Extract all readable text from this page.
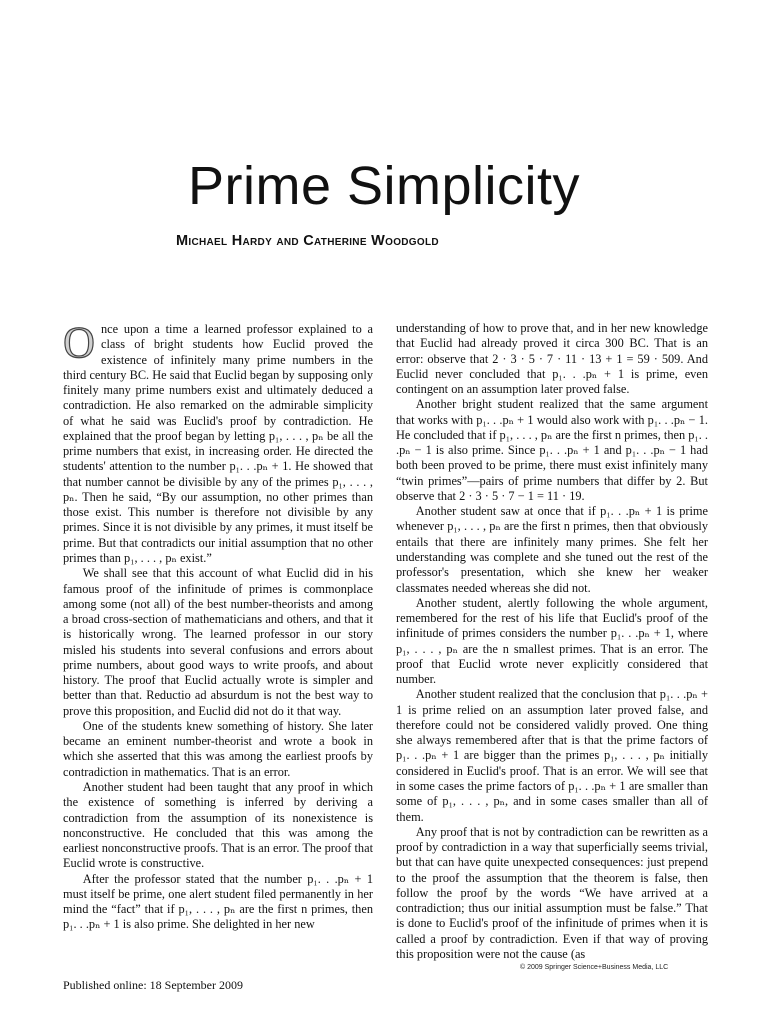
Prime Simplicity
Michael Hardy and Catherine Woodgold

O nce upon a time a learned professor explained to a class of bright students how Euclid proved the existence of infinitely many prime numbers in the third century BC. He said that Euclid began by supposing only finitely many prime numbers exist and ultimately deduced a contradiction. He also remarked on the admirable simplicity of what he said was Euclid's proof by contradiction. He explained that the proof began by letting p₁, . . . , pₙ be all the prime numbers that exist, in increasing order. He directed the students' attention to the number p₁. . .pₙ + 1. He showed that that number cannot be divisible by any of the primes p₁, . . . , pₙ. Then he said, “By our assumption, no other primes than those exist. This number is therefore not divisible by any primes. Since it is not divisible by any primes, it must itself be prime. But that contradicts our initial assumption that no other primes than p₁, . . . , pₙ exist.”

We shall see that this account of what Euclid did in his famous proof of the infinitude of primes is commonplace among some (not all) of the best number-theorists and among a broad cross-section of mathematicians and others, and that it is historically wrong. The learned professor in our story misled his students into several confusions and errors about prime numbers, about good ways to write proofs, and about history. The proof that Euclid actually wrote is simpler and better than that. Reductio ad absurdum is not the best way to prove this proposition, and Euclid did not do it that way.

One of the students knew something of history. She later became an eminent number-theorist and wrote a book in which she asserted that this was among the earliest proofs by contradiction in mathematics. That is an error.

Another student had been taught that any proof in which the existence of something is inferred by deriving a contradiction from the assumption of its nonexistence is nonconstructive. He concluded that this was among the earliest nonconstructive proofs. That is an error. The proof that Euclid wrote is constructive.

After the professor stated that the number p₁. . .pₙ + 1 must itself be prime, one alert student filed permanently in her mind the “fact” that if p₁, . . . , pₙ are the first n primes, then p₁. . .pₙ + 1 is also prime. She delighted in her new

understanding of how to prove that, and in her new knowledge that Euclid had already proved it circa 300 BC. That is an error: observe that 2 · 3 · 5 · 7 · 11 · 13 + 1 = 59 · 509. And Euclid never concluded that p₁. . .pₙ + 1 is prime, even contingent on an assumption later proved false.

Another bright student realized that the same argument that works with p₁. . .pₙ + 1 would also work with p₁. . .pₙ − 1. He concluded that if p₁, . . . , pₙ are the first n primes, then p₁. . .pₙ − 1 is also prime. Since p₁. . .pₙ + 1 and p₁. . .pₙ − 1 had both been proved to be prime, there must exist infinitely many “twin primes”—pairs of prime numbers that differ by 2. But observe that 2 · 3 · 5 · 7 − 1 = 11 · 19.

Another student saw at once that if p₁. . .pₙ + 1 is prime whenever p₁, . . . , pₙ are the first n primes, then that obviously entails that there are infinitely many primes. She felt her understanding was complete and she tuned out the rest of the professor's presentation, which she knew her weaker classmates needed whereas she did not.

Another student, alertly following the whole argument, remembered for the rest of his life that Euclid's proof of the infinitude of primes considers the number p₁. . .pₙ + 1, where p₁, . . . , pₙ are the n smallest primes. That is an error. The proof that Euclid wrote never explicitly considered that number.

Another student realized that the conclusion that p₁. . .pₙ + 1 is prime relied on an assumption later proved false, and therefore could not be considered validly proved. One thing she always remembered after that is that the prime factors of p₁. . .pₙ + 1 are bigger than the primes p₁, . . . , pₙ initially considered in Euclid's proof. That is an error. We will see that in some cases the prime factors of p₁. . .pₙ + 1 are smaller than some of p₁, . . . , pₙ, and in some cases smaller than all of them.

Any proof that is not by contradiction can be rewritten as a proof by contradiction in a way that superficially seems trivial, but that can have quite unexpected consequences: just prepend to the proof the assumption that the theorem is false, then follow the proof by the words “We have arrived at a contradiction; thus our initial assumption must be false.” That is done to Euclid's proof of the infinitude of primes when it is called a proof by contradiction. Even if that way of proving this proposition were not the cause (as

© 2009 Springer Science+Business Media, LLC
Published online: 18 September 2009
